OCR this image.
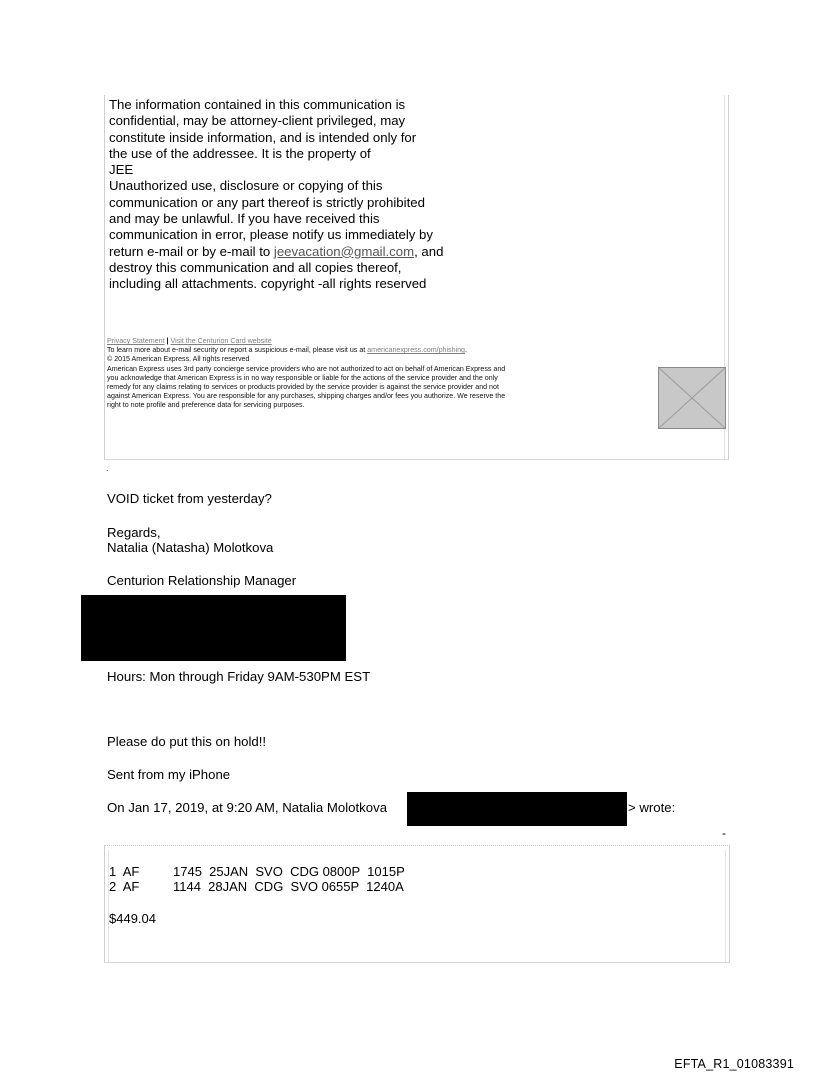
The information contained in this communication is

confidential, may be attorney-client privileged, may

constitute inside information, and is intended only for

the use of the addressee. It is the property of

JEE

Unauthorized use, disclosure or copying of this

communication or any part thereof is strictly prohibited

and may be unlawful. If you have received this

communication in error, please notify us immediately by

return e-mail or by e-mail to jeevacation@gmail.com, and

destroy this communication and all copies thereof,

including all attachments. copyright -all rights reserved

Privacy Statement | Visit the Centurion Card website

To learn more about e-mail security or report a suspicious e-mail, please visit us at americanexpress.com/phishing.

© 2015 American Express. All rights reserved

American Express uses 3rd party concierge service providers who are not authorized to act on behalf of American Express and

you acknowledge that American Express is in no way responsible or liable for the actions of the service provider and the only

remedy for any claims relating to services or products provided by the service provider is against the service provider and not

against American Express. You are responsible for any purchases, shipping charges and/or fees you authorize. We reserve the

right to note profile and preference data for servicing purposes.

.
VOID ticket from yesterday?
Regards,
Natalia (Natasha) Molotkova
Centurion Relationship Manager
Hours: Mon through Friday 9AM-530PM EST
Please do put this on hold!!
Sent from my iPhone
On Jan 17, 2019, at 9:20 AM, Natalia Molotkova	> wrote:
-
1  AF	1745  25JAN  SVO  CDG 0800P  1015P
2  AF	1144  28JAN  CDG  SVO 0655P  1240A
$449.04
EFTA_R1_01083391
